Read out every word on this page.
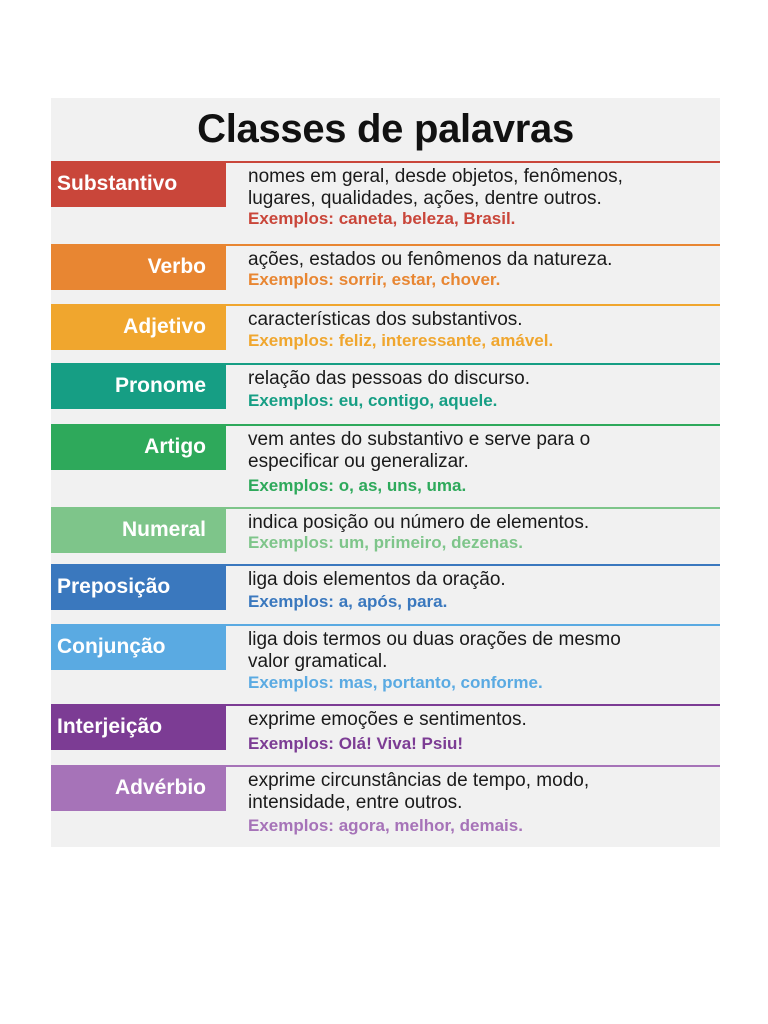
Classes de palavras
Substantivo	nomes em geral, desde objetos, fenômenos,
lugares, qualidades, ações, dentre outros.
Exemplos: caneta, beleza, Brasil.
Verbo	ações, estados ou fenômenos da natureza.
Exemplos: sorrir, estar, chover.
Adjetivo	características dos substantivos.
Exemplos: feliz, interessante, amável.
Pronome	relação das pessoas do discurso.
Exemplos: eu, contigo, aquele.
Artigo	vem antes do substantivo e serve para o
especificar ou generalizar.
Exemplos: o, as, uns, uma.
Numeral	indica posição ou número de elementos.
Exemplos: um, primeiro, dezenas.
Preposição	liga dois elementos da oração.
Exemplos: a, após, para.
Conjunção	liga dois termos ou duas orações de mesmo
valor gramatical.
Exemplos: mas, portanto, conforme.
Interjeição	exprime emoções e sentimentos.
Exemplos: Olá! Viva! Psiu!
Advérbio	exprime circunstâncias de tempo, modo,
intensidade, entre outros.
Exemplos: agora, melhor, demais.
